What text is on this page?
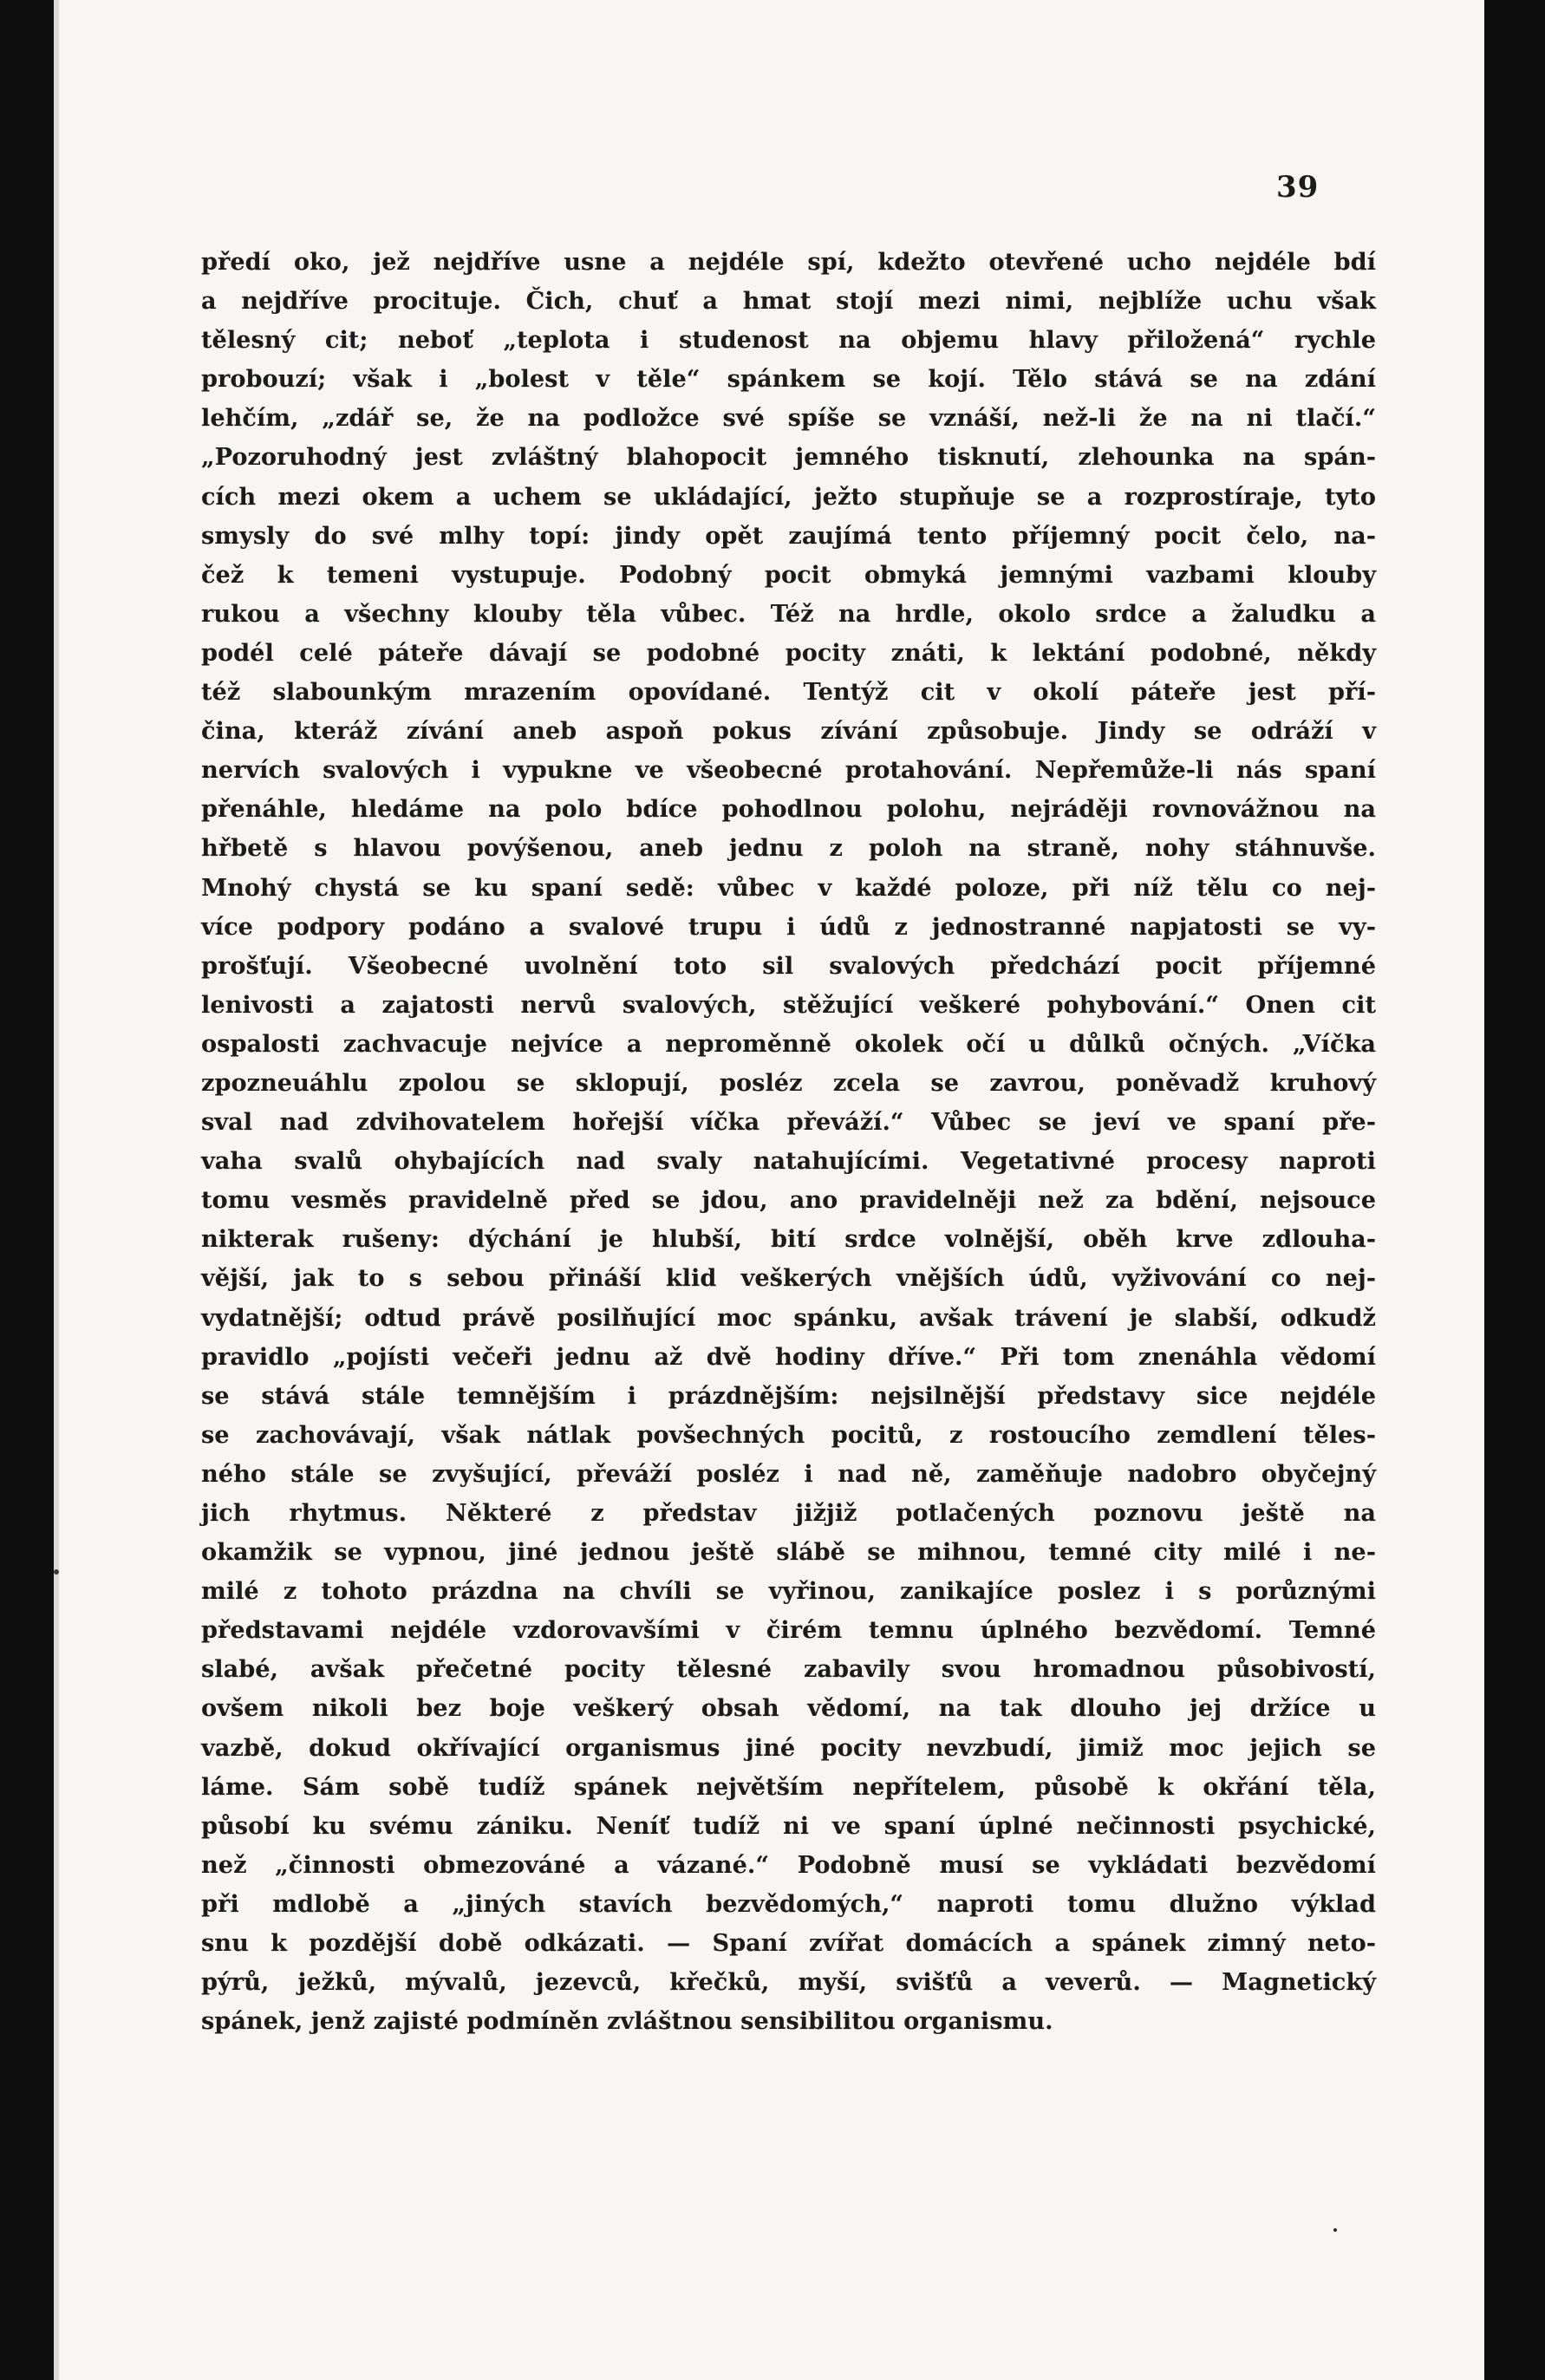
39
předí oko, jež nejdříve usne a nejdéle spí, kdežto otevřené ucho nejdéle bdí
a nejdříve procituje. Čich, chuť a hmat stojí mezi nimi, nejblíže uchu však
tělesný cit; neboť „teplota i studenost na objemu hlavy přiložená“ rychle
probouzí; však i „bolest v těle“ spánkem se kojí. Tělo stává se na zdání
lehčím, „zdář se, že na podložce své spíše se vznáší, než-li že na ni tlačí.“
„Pozoruhodný jest zvláštný blahopocit jemného tisknutí, zlehounka na spán-
cích mezi okem a uchem se ukládající, ježto stupňuje se a rozprostíraje, tyto
smysly do své mlhy topí: jindy opět zaujímá tento příjemný pocit čelo, na-
čež k temeni vystupuje. Podobný pocit obmyká jemnými vazbami klouby
rukou a všechny klouby těla vůbec. Též na hrdle, okolo srdce a žaludku a
podél celé páteře dávají se podobné pocity znáti, k lektání podobné, někdy
též slabounkým mrazením opovídané. Tentýž cit v okolí páteře jest pří-
čina, kteráž zívání aneb aspoň pokus zívání způsobuje. Jindy se odráží v
nervích svalových i vypukne ve všeobecné protahování. Nepřemůže-li nás spaní
přenáhle, hledáme na polo bdíce pohodlnou polohu, nejráději rovnovážnou na
hřbetě s hlavou povýšenou, aneb jednu z poloh na straně, nohy stáhnuvše.
Mnohý chystá se ku spaní sedě: vůbec v každé poloze, při níž tělu co nej-
více podpory podáno a svalové trupu i údů z jednostranné napjatosti se vy-
prošťují. Všeobecné uvolnění toto sil svalových předchází pocit příjemné
lenivosti a zajatosti nervů svalových, stěžující veškeré pohybování.“ Onen cit
ospalosti zachvacuje nejvíce a neproměnně okolek očí u důlků očných. „Víčka
zpozneuáhlu zpolou se sklopují, posléz zcela se zavrou, poněvadž kruhový
sval nad zdvihovatelem hořejší víčka převáží.“ Vůbec se jeví ve spaní pře-
vaha svalů ohybajících nad svaly natahujícími. Vegetativné procesy naproti
tomu vesměs pravidelně před se jdou, ano pravidelněji než za bdění, nejsouce
nikterak rušeny: dýchání je hlubší, bití srdce volnější, oběh krve zdlouha-
vější, jak to s sebou přináší klid veškerých vnějších údů, vyživování co nej-
vydatnější; odtud právě posilňující moc spánku, avšak trávení je slabší, odkudž
pravidlo „pojísti večeři jednu až dvě hodiny dříve.“ Při tom znenáhla vědomí
se stává stále temnějším i prázdnějším: nejsilnější představy sice nejdéle
se zachovávají, však nátlak povšechných pocitů, z rostoucího zemdlení těles-
ného stále se zvyšující, převáží posléz i nad ně, zaměňuje nadobro obyčejný
jich rhytmus. Některé z představ jižjiž potlačených poznovu ještě na
okamžik se vypnou, jiné jednou ještě slábě se mihnou, temné city milé i ne-
milé z tohoto prázdna na chvíli se vyřinou, zanikajíce poslez i s porůznými
představami nejdéle vzdorovavšími v čirém temnu úplného bezvědomí. Temné
slabé, avšak přečetné pocity tělesné zabavily svou hromadnou působivostí,
ovšem nikoli bez boje veškerý obsah vědomí, na tak dlouho jej držíce u
vazbě, dokud okřívající organismus jiné pocity nevzbudí, jimiž moc jejich se
láme. Sám sobě tudíž spánek největším nepřítelem, působě k okřání těla,
působí ku svému zániku. Neníť tudíž ni ve spaní úplné nečinnosti psychické,
než „činnosti obmezováné a vázané.“ Podobně musí se vykládati bezvědomí
při mdlobě a „jiných stavích bezvědomých,“ naproti tomu dlužno výklad
snu k pozdější době odkázati. — Spaní zvířat domácích a spánek zimný neto-
pýrů, ježků, mývalů, jezevců, křečků, myší, svišťů a veverů. — Magnetický
spánek, jenž zajisté podmíněn zvláštnou sensibilitou organismu.
